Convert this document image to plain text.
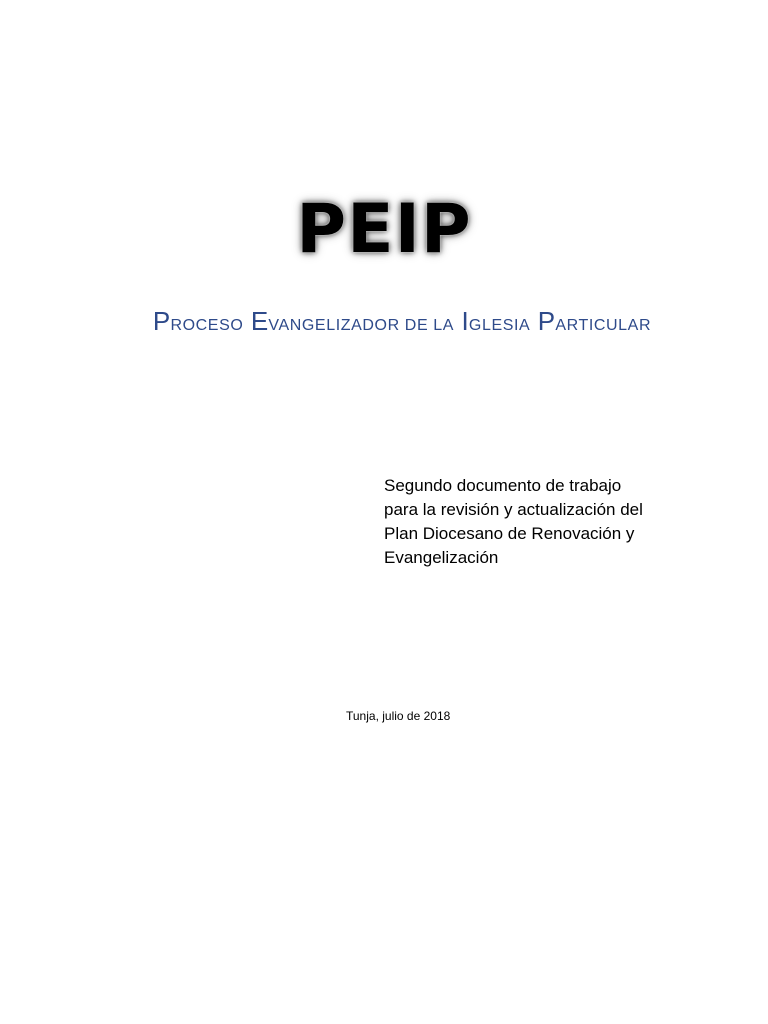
PEIP
PROCESO EVANGELIZADOR DE LA IGLESIA PARTICULAR
Segundo documento de trabajo
para la revisión y actualización del
Plan Diocesano de Renovación y
Evangelización
Tunja, julio de 2018
